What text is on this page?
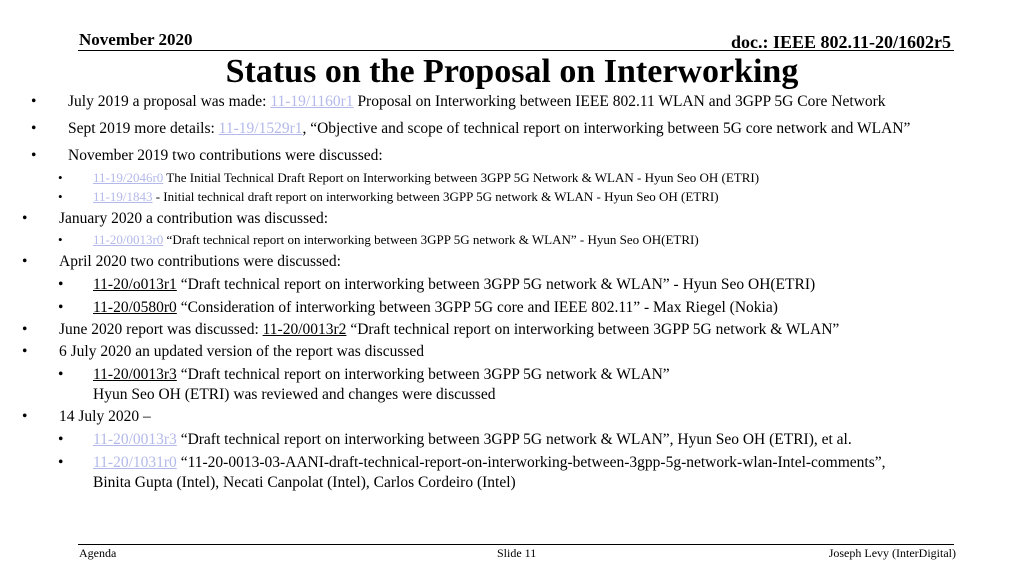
November 2020	doc.: IEEE 802.11-20/1602r5
Status on the Proposal on Interworking
• July 2019 a proposal was made: 11-19/1160r1 Proposal on Interworking between IEEE 802.11 WLAN and 3GPP 5G Core Network
• Sept 2019 more details: 11-19/1529r1, “Objective and scope of technical report on interworking between 5G core network and WLAN”
• November 2019 two contributions were discussed:
• 11-19/2046r0 The Initial Technical Draft Report on Interworking between 3GPP 5G Network & WLAN - Hyun Seo OH (ETRI)
• 11-19/1843 - Initial technical draft report on interworking between 3GPP 5G network & WLAN - Hyun Seo OH (ETRI)
• January 2020 a contribution was discussed:
• 11-20/0013r0 “Draft technical report on interworking between 3GPP 5G network & WLAN” - Hyun Seo OH(ETRI)
• April 2020 two contributions were discussed:
• 11-20/o013r1 “Draft technical report on interworking between 3GPP 5G network & WLAN” - Hyun Seo OH(ETRI)
• 11-20/0580r0 “Consideration of interworking between 3GPP 5G core and IEEE 802.11” - Max Riegel (Nokia)
• June 2020 report was discussed: 11-20/0013r2 “Draft technical report on interworking between 3GPP 5G network & WLAN”
• 6 July 2020 an updated version of the report was discussed
• 11-20/0013r3 “Draft technical report on interworking between 3GPP 5G network & WLAN”
Hyun Seo OH (ETRI) was reviewed and changes were discussed
• 14 July 2020 –
• 11-20/0013r3 “Draft technical report on interworking between 3GPP 5G network & WLAN”, Hyun Seo OH (ETRI), et al.
• 11-20/1031r0 “11-20-0013-03-AANI-draft-technical-report-on-interworking-between-3gpp-5g-network-wlan-Intel-comments”,
Binita Gupta (Intel), Necati Canpolat (Intel), Carlos Cordeiro (Intel)
Agenda	Slide 11	Joseph Levy (InterDigital)
